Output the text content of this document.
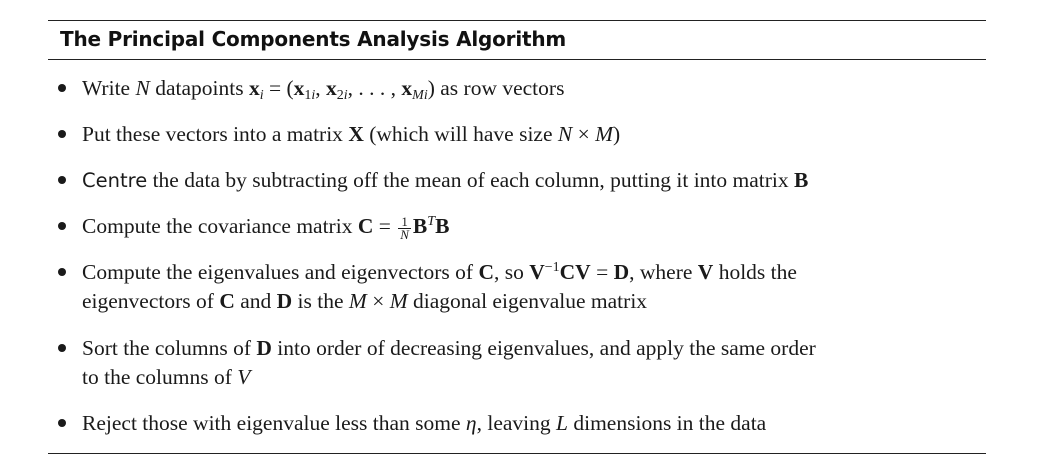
The Principal Components Analysis Algorithm
Write N datapoints $x_i = (x_{1i}$, $x_{2i}$, . . . , $x_{Mi}$) as row vectors
Put these vectors into a matrix X (which will have size N × M)
Centre the data by subtracting off the mean of each column, putting it into matrix B
Compute the covariance matrix $C = \frac{1}{N} B^TB$
Compute the eigenvalues and eigenvectors of C, so $V^{-1}CV = D$, where V holds the
eigenvectors of C and D is the M × M diagonal eigenvalue matrix
Sort the columns of D into order of decreasing eigenvalues, and apply the same order
to the columns of V
Reject those with eigenvalue less than some η, leaving L dimensions in the data
